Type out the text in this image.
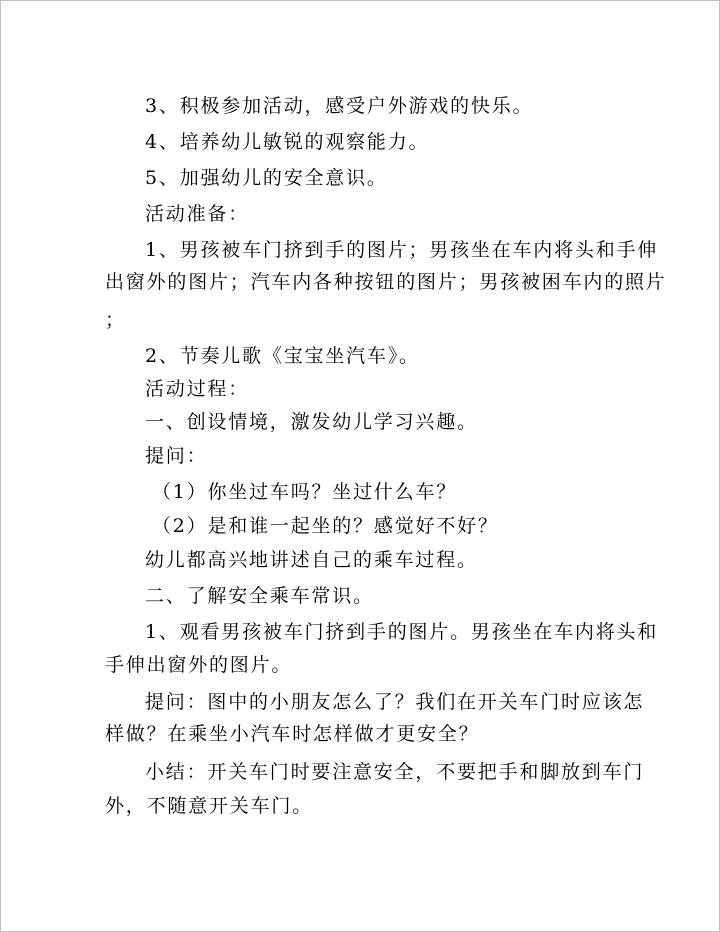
3、积极参加活动，感受户外游戏的快乐。
4、培养幼儿敏锐的观察能力。
5、加强幼儿的安全意识。
活动准备：
1、男孩被车门挤到手的图片；男孩坐在车内将头和手伸
出窗外的图片；汽车内各种按钮的图片；男孩被困车内的照片
；
2、节奏儿歌《宝宝坐汽车》。
活动过程：
一、创设情境，激发幼儿学习兴趣。
提问：
（1）你坐过车吗？坐过什么车？
（2）是和谁一起坐的？感觉好不好？
幼儿都高兴地讲述自己的乘车过程。
二、了解安全乘车常识。
1、观看男孩被车门挤到手的图片。男孩坐在车内将头和
手伸出窗外的图片。
提问：图中的小朋友怎么了？我们在开关车门时应该怎
样做？在乘坐小汽车时怎样做才更安全？
小结：开关车门时要注意安全，不要把手和脚放到车门
外，不随意开关车门。
